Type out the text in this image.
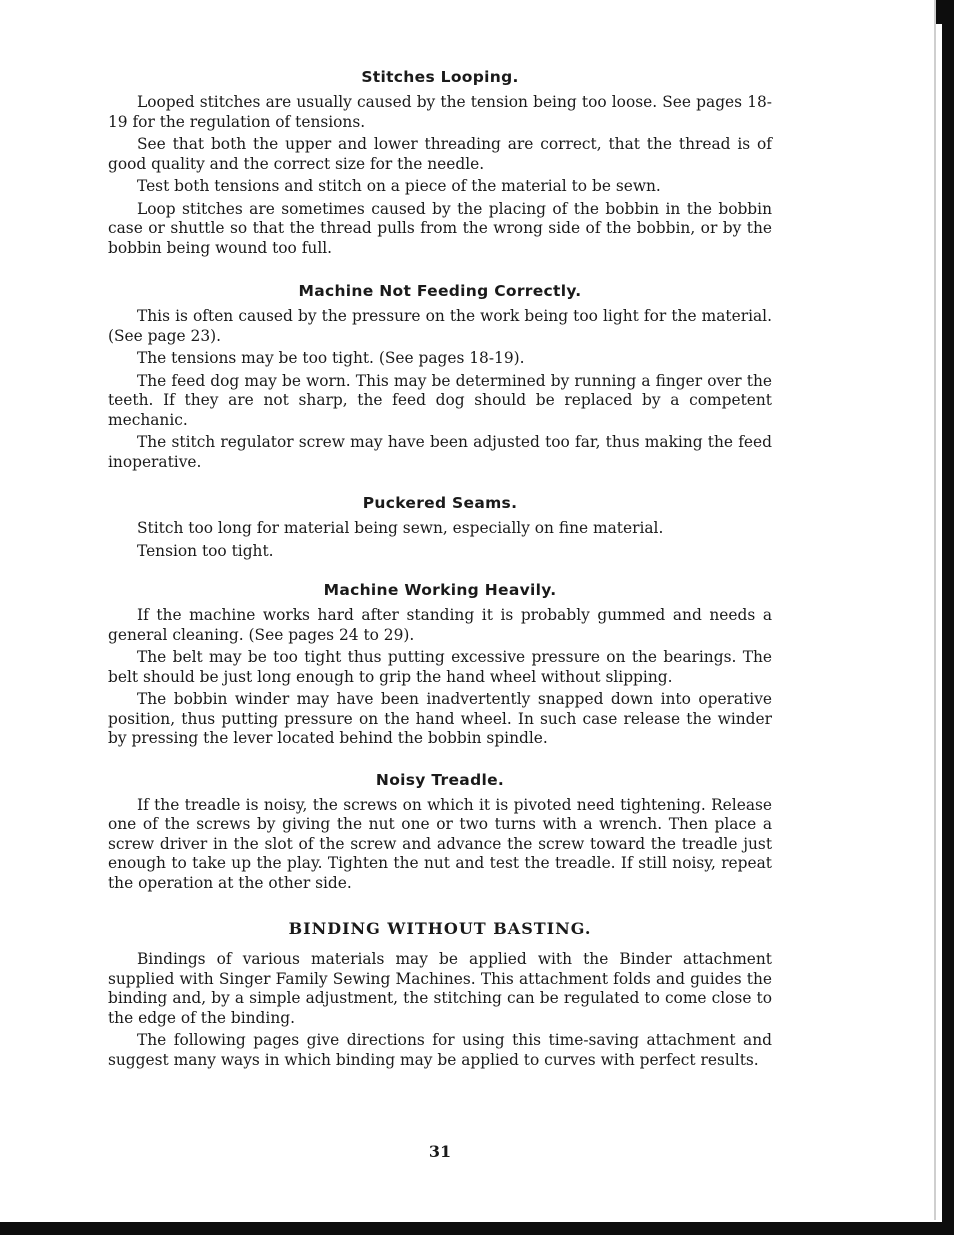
Stitches Looping.

Looped stitches are usually caused by the tension being too loose. See pages 18-19 for the regulation of tensions.

See that both the upper and lower threading are correct, that the thread is of good quality and the correct size for the needle.

Test both tensions and stitch on a piece of the material to be sewn.

Loop stitches are sometimes caused by the placing of the bobbin in the bobbin case or shuttle so that the thread pulls from the wrong side of the bobbin, or by the bobbin being wound too full.

Machine Not Feeding Correctly.

This is often caused by the pressure on the work being too light for the material. (See page 23).

The tensions may be too tight. (See pages 18-19).

The feed dog may be worn. This may be determined by running a finger over the teeth. If they are not sharp, the feed dog should be replaced by a competent mechanic.

The stitch regulator screw may have been adjusted too far, thus making the feed inoperative.

Puckered Seams.

Stitch too long for material being sewn, especially on fine material.

Tension too tight.

Machine Working Heavily.

If the machine works hard after standing it is probably gummed and needs a general cleaning. (See pages 24 to 29).

The belt may be too tight thus putting excessive pressure on the bearings. The belt should be just long enough to grip the hand wheel without slipping.

The bobbin winder may have been inadvertently snapped down into operative position, thus putting pressure on the hand wheel. In such case release the winder by pressing the lever located behind the bobbin spindle.

Noisy Treadle.

If the treadle is noisy, the screws on which it is pivoted need tightening. Release one of the screws by giving the nut one or two turns with a wrench. Then place a screw driver in the slot of the screw and advance the screw toward the treadle just enough to take up the play. Tighten the nut and test the treadle. If still noisy, repeat the operation at the other side.

BINDING WITHOUT BASTING.

Bindings of various materials may be applied with the Binder attachment supplied with Singer Family Sewing Machines. This attachment folds and guides the binding and, by a simple adjustment, the stitching can be regulated to come close to the edge of the binding.

The following pages give directions for using this time-saving attachment and suggest many ways in which binding may be applied to curves with perfect results.

31
